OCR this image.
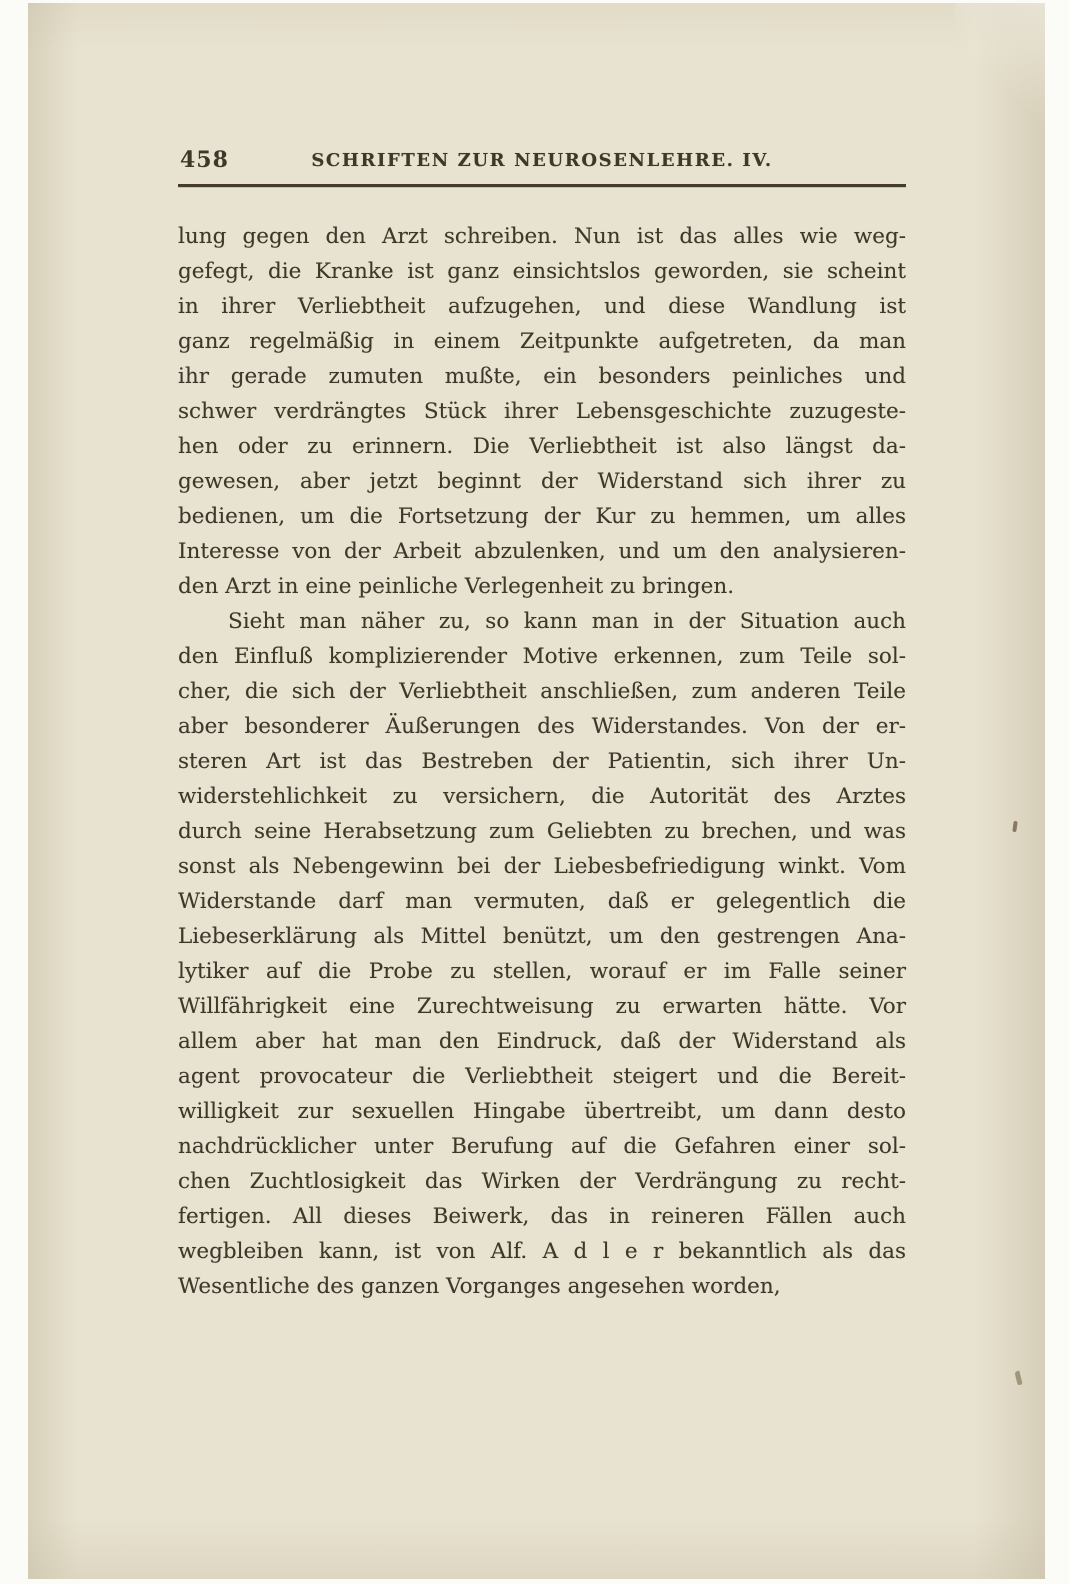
458	SCHRIFTEN ZUR NEUROSENLEHRE. IV.
lung gegen den Arzt schreiben. Nun ist das alles wie weg-
gefegt, die Kranke ist ganz einsichtslos geworden, sie scheint
in ihrer Verliebtheit aufzugehen, und diese Wandlung ist
ganz regelmäßig in einem Zeitpunkte aufgetreten, da man
ihr gerade zumuten mußte, ein besonders peinliches und
schwer verdrängtes Stück ihrer Lebensgeschichte zuzugeste-
hen oder zu erinnern. Die Verliebtheit ist also längst da-
gewesen, aber jetzt beginnt der Widerstand sich ihrer zu
bedienen, um die Fortsetzung der Kur zu hemmen, um alles
Interesse von der Arbeit abzulenken, und um den analysieren-
den Arzt in eine peinliche Verlegenheit zu bringen.
Sieht man näher zu, so kann man in der Situation auch
den Einfluß komplizierender Motive erkennen, zum Teile sol-
cher, die sich der Verliebtheit anschließen, zum anderen Teile
aber besonderer Äußerungen des Widerstandes. Von der er-
steren Art ist das Bestreben der Patientin, sich ihrer Un-
widerstehlichkeit zu versichern, die Autorität des Arztes
durch seine Herabsetzung zum Geliebten zu brechen, und was
sonst als Nebengewinn bei der Liebesbefriedigung winkt. Vom
Widerstande darf man vermuten, daß er gelegentlich die
Liebeserklärung als Mittel benützt, um den gestrengen Ana-
lytiker auf die Probe zu stellen, worauf er im Falle seiner
Willfährigkeit eine Zurechtweisung zu erwarten hätte. Vor
allem aber hat man den Eindruck, daß der Widerstand als
agent provocateur die Verliebtheit steigert und die Bereit-
willigkeit zur sexuellen Hingabe übertreibt, um dann desto
nachdrücklicher unter Berufung auf die Gefahren einer sol-
chen Zuchtlosigkeit das Wirken der Verdrängung zu recht-
fertigen. All dieses Beiwerk, das in reineren Fällen auch
wegbleiben kann, ist von Alf. A d l e r bekanntlich als das
Wesentliche des ganzen Vorganges angesehen worden,
